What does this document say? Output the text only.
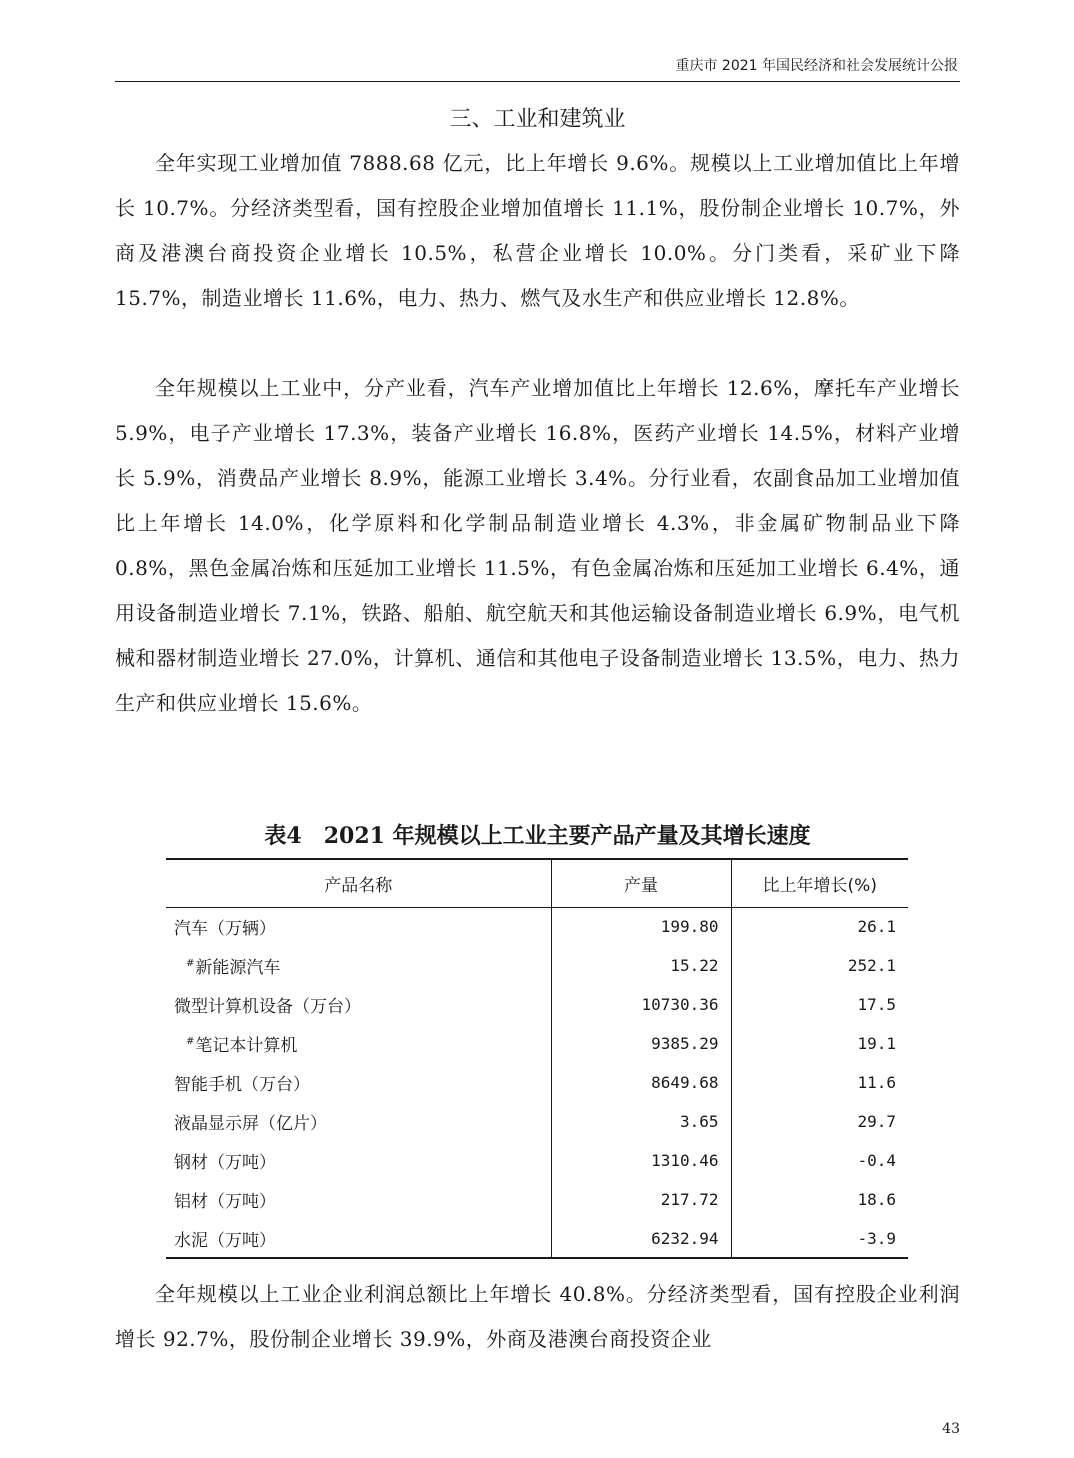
重庆市 2021 年国民经济和社会发展统计公报
三、工业和建筑业

全年实现工业增加值 7888.68 亿元，比上年增长 9.6%。规模以上工业增加值比上年增长 10.7%。分经济类型看，国有控股企业增加值增长 11.1%，股份制企业增长 10.7%，外商及港澳台商投资企业增长 10.5%，私营企业增长 10.0%。分门类看，采矿业下降 15.7%，制造业增长 11.6%，电力、热力、燃气及水生产和供应业增长 12.8%。

全年规模以上工业中，分产业看，汽车产业增加值比上年增长 12.6%，摩托车产业增长 5.9%，电子产业增长 17.3%，装备产业增长 16.8%，医药产业增长 14.5%，材料产业增长 5.9%，消费品产业增长 8.9%，能源工业增长 3.4%。分行业看，农副食品加工业增加值比上年增长 14.0%，化学原料和化学制品制造业增长 4.3%，非金属矿物制品业下降 0.8%，黑色金属冶炼和压延加工业增长 11.5%，有色金属冶炼和压延加工业增长 6.4%，通用设备制造业增长 7.1%，铁路、船舶、航空航天和其他运输设备制造业增长 6.9%，电气机械和器材制造业增长 27.0%，计算机、通信和其他电子设备制造业增长 13.5%，电力、热力生产和供应业增长 15.6%。

表4　2021 年规模以上工业主要产品产量及其增长速度
产品名称	产量	比上年增长(%)
汽车（万辆）	199.80	26.1
#新能源汽车	15.22	252.1
微型计算机设备（万台）	10730.36	17.5
#笔记本计算机	9385.29	19.1
智能手机（万台）	8649.68	11.6
液晶显示屏（亿片）	3.65	29.7
钢材（万吨）	1310.46	-0.4
铝材（万吨）	217.72	18.6
水泥（万吨）	6232.94	-3.9

全年规模以上工业企业利润总额比上年增长 40.8%。分经济类型看，国有控股企业利润增长 92.7%，股份制企业增长 39.9%，外商及港澳台商投资企业

43
